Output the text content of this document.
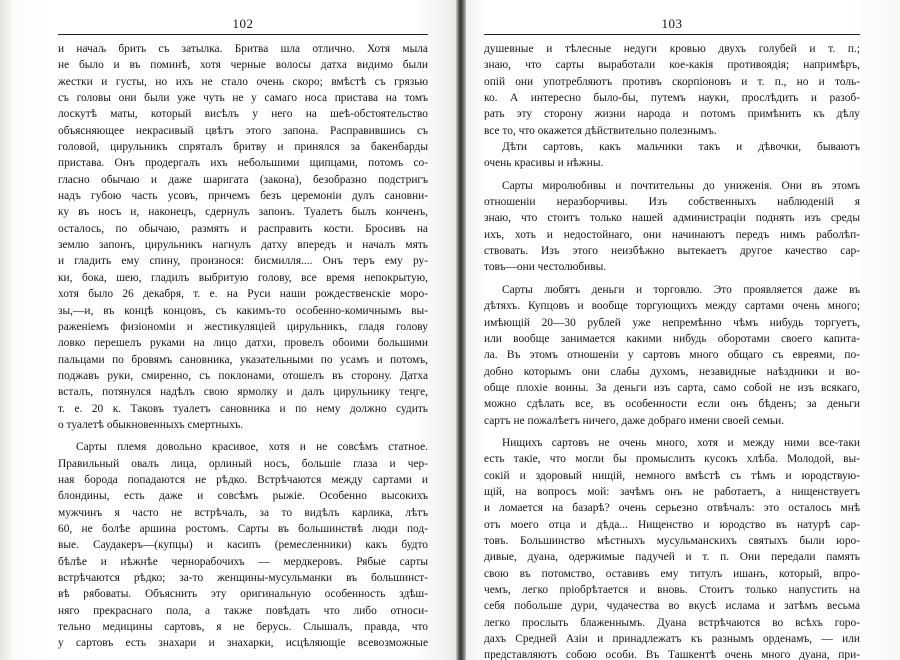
102
и начаљ брить съ затылка. Бритва шла отлично. Хотя мыла
не было и въ поминѣ, хотя черные волосы датха видимо были
жестки и густы, но ихъ не стало очень скоро; вмѣстѣ съ грязью
съ головы они были уже чуть не у самаго носа пристава на томъ
лоскутѣ маты, который висѣлъ у него на шеѣ-обстоятельство
объясняющее некрасивый цвѣтъ этого запона. Расправившись съ
головой, цирульникъ спряталъ бритву и принялся за бакенбарды
пристава. Онъ продергалъ ихъ небольшими щипцами, потомъ со-
гласно обычаю и даже шаригата (закона), безобразно подстригъ
надъ губою часть усовъ, причемъ безъ церемоніи дулъ сановни-
ку въ носъ и, наконецъ, сдернулъ запонъ. Туалетъ былъ конченъ,
осталось, по обычаю, размять и расправить кости. Бросивъ на
землю запонъ, цирульникъ нагнулъ датху впередъ и началъ мять
и гладить ему спину, произнося: бисмилля.... Онъ теръ ему ру-
ки, бока, шею, гладилъ выбритую голову, все время непокрытую,
хотя было 26 декабря, т. е. на Руси наши рождественскіе моро-
зы,—и, въ концѣ концовъ, съ какимъ-то особенно-комичнымъ вы-
раженіемъ физіономіи и жестикуляціей цирульникъ, гладя голову
ловко перешелъ руками на лицо датхи, провелъ обоими большими
пальцами по бровямъ сановника, указательными по усамъ и потомъ,
поджавъ руки, смиренно, съ поклонами, отошелъ въ сторону. Датха
всталъ, потянулся надѣлъ свою ярмолку и далъ цирульнику теңге,
т. е. 20 к. Таковъ туалетъ сановника и по нему должно судить
о туалетѣ обыкновенныхъ смертныхъ.
Сарты племя довольно красивое, хотя и не совсѣмъ статное.
Правильный овалъ лица, орлиный носъ, большіе глаза и чер-
ная борода попадаются не рѣдко. Встрѣчаются между сартами и
блондины, есть даже и совсѣмъ рыжіе. Особенно высокихъ
мужчинъ я часто не встрѣчалъ, за то видѣлъ карлика, лѣтъ
60, не болѣе аршина ростомъ. Сарты въ большинствѣ люди под-
вые. Саудакеръ—(купцы) и касипъ (ремесленники) какъ будто
бѣлѣе и нѣжнѣе чернорабочихъ — мердкеровъ. Рябые сарты
встрѣчаются рѣдко; за-то женщины-мусульманки въ большинст-
вѣ рябоваты. Объяснить эту оригинальную особенность здѣш-
няго прекраснаго пола, а также повѣдать что либо относи-
тельно медицины сартовъ, я не берусь. Слышалъ, правда, что
у сартовъ есть знахари и знахарки, исцѣляющіе всевозможные
103
душевные и тѣлесные недуги кровью двухъ голубей и т. п.;
знаю, что сарты выработали кое-какія противоядія; напримѣръ,
опій они употребляютъ противъ скорпіоновъ и т. п., но и толь-
ко. А интересно было-бы, путемъ науки, прослѣдить и разоб-
рать эту сторону жизни народа и потомъ примѣнить къ дѣлу
все то, что окажется дѣйствительно полезнымъ.
Дѣти сартовъ, какъ мальчики такъ и дѣвочки, бываютъ
очень красивы и нѣжны.
Сарты миролюбивы и почтительны до униженія. Они въ этомъ
отношеніи неразборчивы. Изъ собственныхъ наблюденій я
знаю, что стоитъ только нашей администраціи поднять изъ среды
ихъ, хоть и недостойнаго, они начинаютъ передъ нимъ раболѣп-
ствовать. Изъ этого неизбѣжно вытекаетъ другое качество сар-
товъ—они честолюбивы.
Сарты любятъ деньги и торговлю. Это проявляется даже въ
дѣтяхъ. Купцовъ и вообще торгующихъ между сартами очень много;
имѣющій 20—30 рублей уже непремѣнно чѣмъ нибудь торгуетъ,
или вообще занимается какими нибудь оборотами своего капита-
ла. Въ этомъ отношеніи у сартовъ много общаго съ евреями, по-
добно которымъ они слабы духомъ, незавидные наѣздники и во-
обще плохіе воины. За деньги изъ сарта, само собой не изъ всякаго,
можно сдѣлать все, въ особенности если онъ бѣденъ; за деньги
сартъ не пожалѣетъ ничего, даже добраго имени своей семьи.
Нищихъ сартовъ не очень много, хотя и между ними все-таки
есть такіе, что могли бы промыслить кусокъ хлѣба. Молодой, вы-
сокій и здоровый нищій, немного вмѣстѣ съ тѣмъ и юродствую-
щій, на вопросъ мой: зачѣмъ онъ не работаетъ, а нищенствуетъ
и ломается на базарѣ? очень серьезно отвѣчалъ: это осталось мнѣ
отъ моего отца и дѣда... Нищенство и юродство въ натурѣ сар-
товъ. Большинство мѣстныхъ мусульманскихъ святыхъ были юро-
дивые, дуана, одержимые падучей и т. п. Они передали память
свою въ потомство, оставивъ ему титулъ ишанъ, который, впро-
чемъ, легко пріобрѣтается и вновь. Стоитъ только напустить на
себя побольше дури, чудачества во вкусѣ ислама и затѣмъ весьма
легко прослыть блаженнымъ. Дуана встрѣчаются во всѣхъ горо-
дахъ Средней Азіи и принадлежатъ къ разнымъ орденамъ, — или
представляютъ собою особи. Въ Ташкентѣ очень много дуана, при-
